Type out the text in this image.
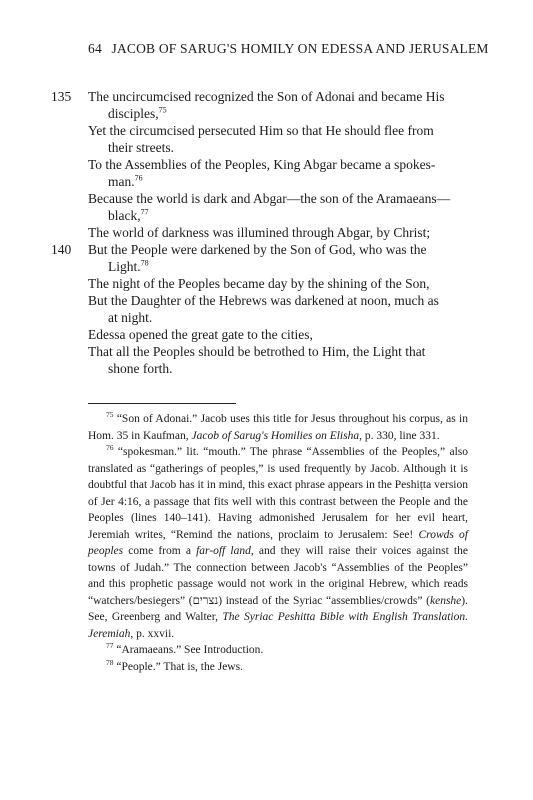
64 JACOB OF SARUG'S HOMILY ON EDESSA AND JERUSALEM
135	The uncircumcised recognized the Son of Adonai and became His
disciples,$^{75}$
Yet the circumcised persecuted Him so that He should flee from
their streets.
To the Assemblies of the Peoples, King Abgar became a spokes-
man.$^{76}$
Because the world is dark and Abgar—the son of the Aramaeans—
black,$^{77}$
The world of darkness was illumined through Abgar, by Christ;
140	But the People were darkened by the Son of God, who was the
Light.$^{78}$
The night of the Peoples became day by the shining of the Son,
But the Daughter of the Hebrews was darkened at noon, much as
at night.
Edessa opened the great gate to the cities,
That all the Peoples should be betrothed to Him, the Light that
shone forth.

$^{75}$ “Son of Adonai.” Jacob uses this title for Jesus throughout his corpus, as in Hom. 35 in Kaufman, Jacob of Sarug's Homilies on Elisha, p. 330, line 331.

$^{76}$ “spokesman.” lit. “mouth.” The phrase “Assemblies of the Peoples,” also translated as “gatherings of peoples,” is used frequently by Jacob. Although it is doubtful that Jacob has it in mind, this exact phrase appears in the Peshiṭta version of Jer 4:16, a passage that fits well with this contrast between the People and the Peoples (lines 140–141). Having admonished Jerusalem for her evil heart, Jeremiah writes, “Remind the nations, proclaim to Jerusalem: See! Crowds of peoples come from a far-off land, and they will raise their voices against the towns of Judah.” The connection between Jacob's “Assemblies of the Peoples” and this prophetic passage would not work in the original Hebrew, which reads “watchers/besiegers” (נצרים) instead of the Syriac “assemblies/crowds” (kenshe). See, Greenberg and Walter, The Syriac Peshitta Bible with English Translation. Jeremiah, p. xxvii.

$^{77}$ “Aramaeans.” See Introduction.

$^{78}$ “People.” That is, the Jews.
